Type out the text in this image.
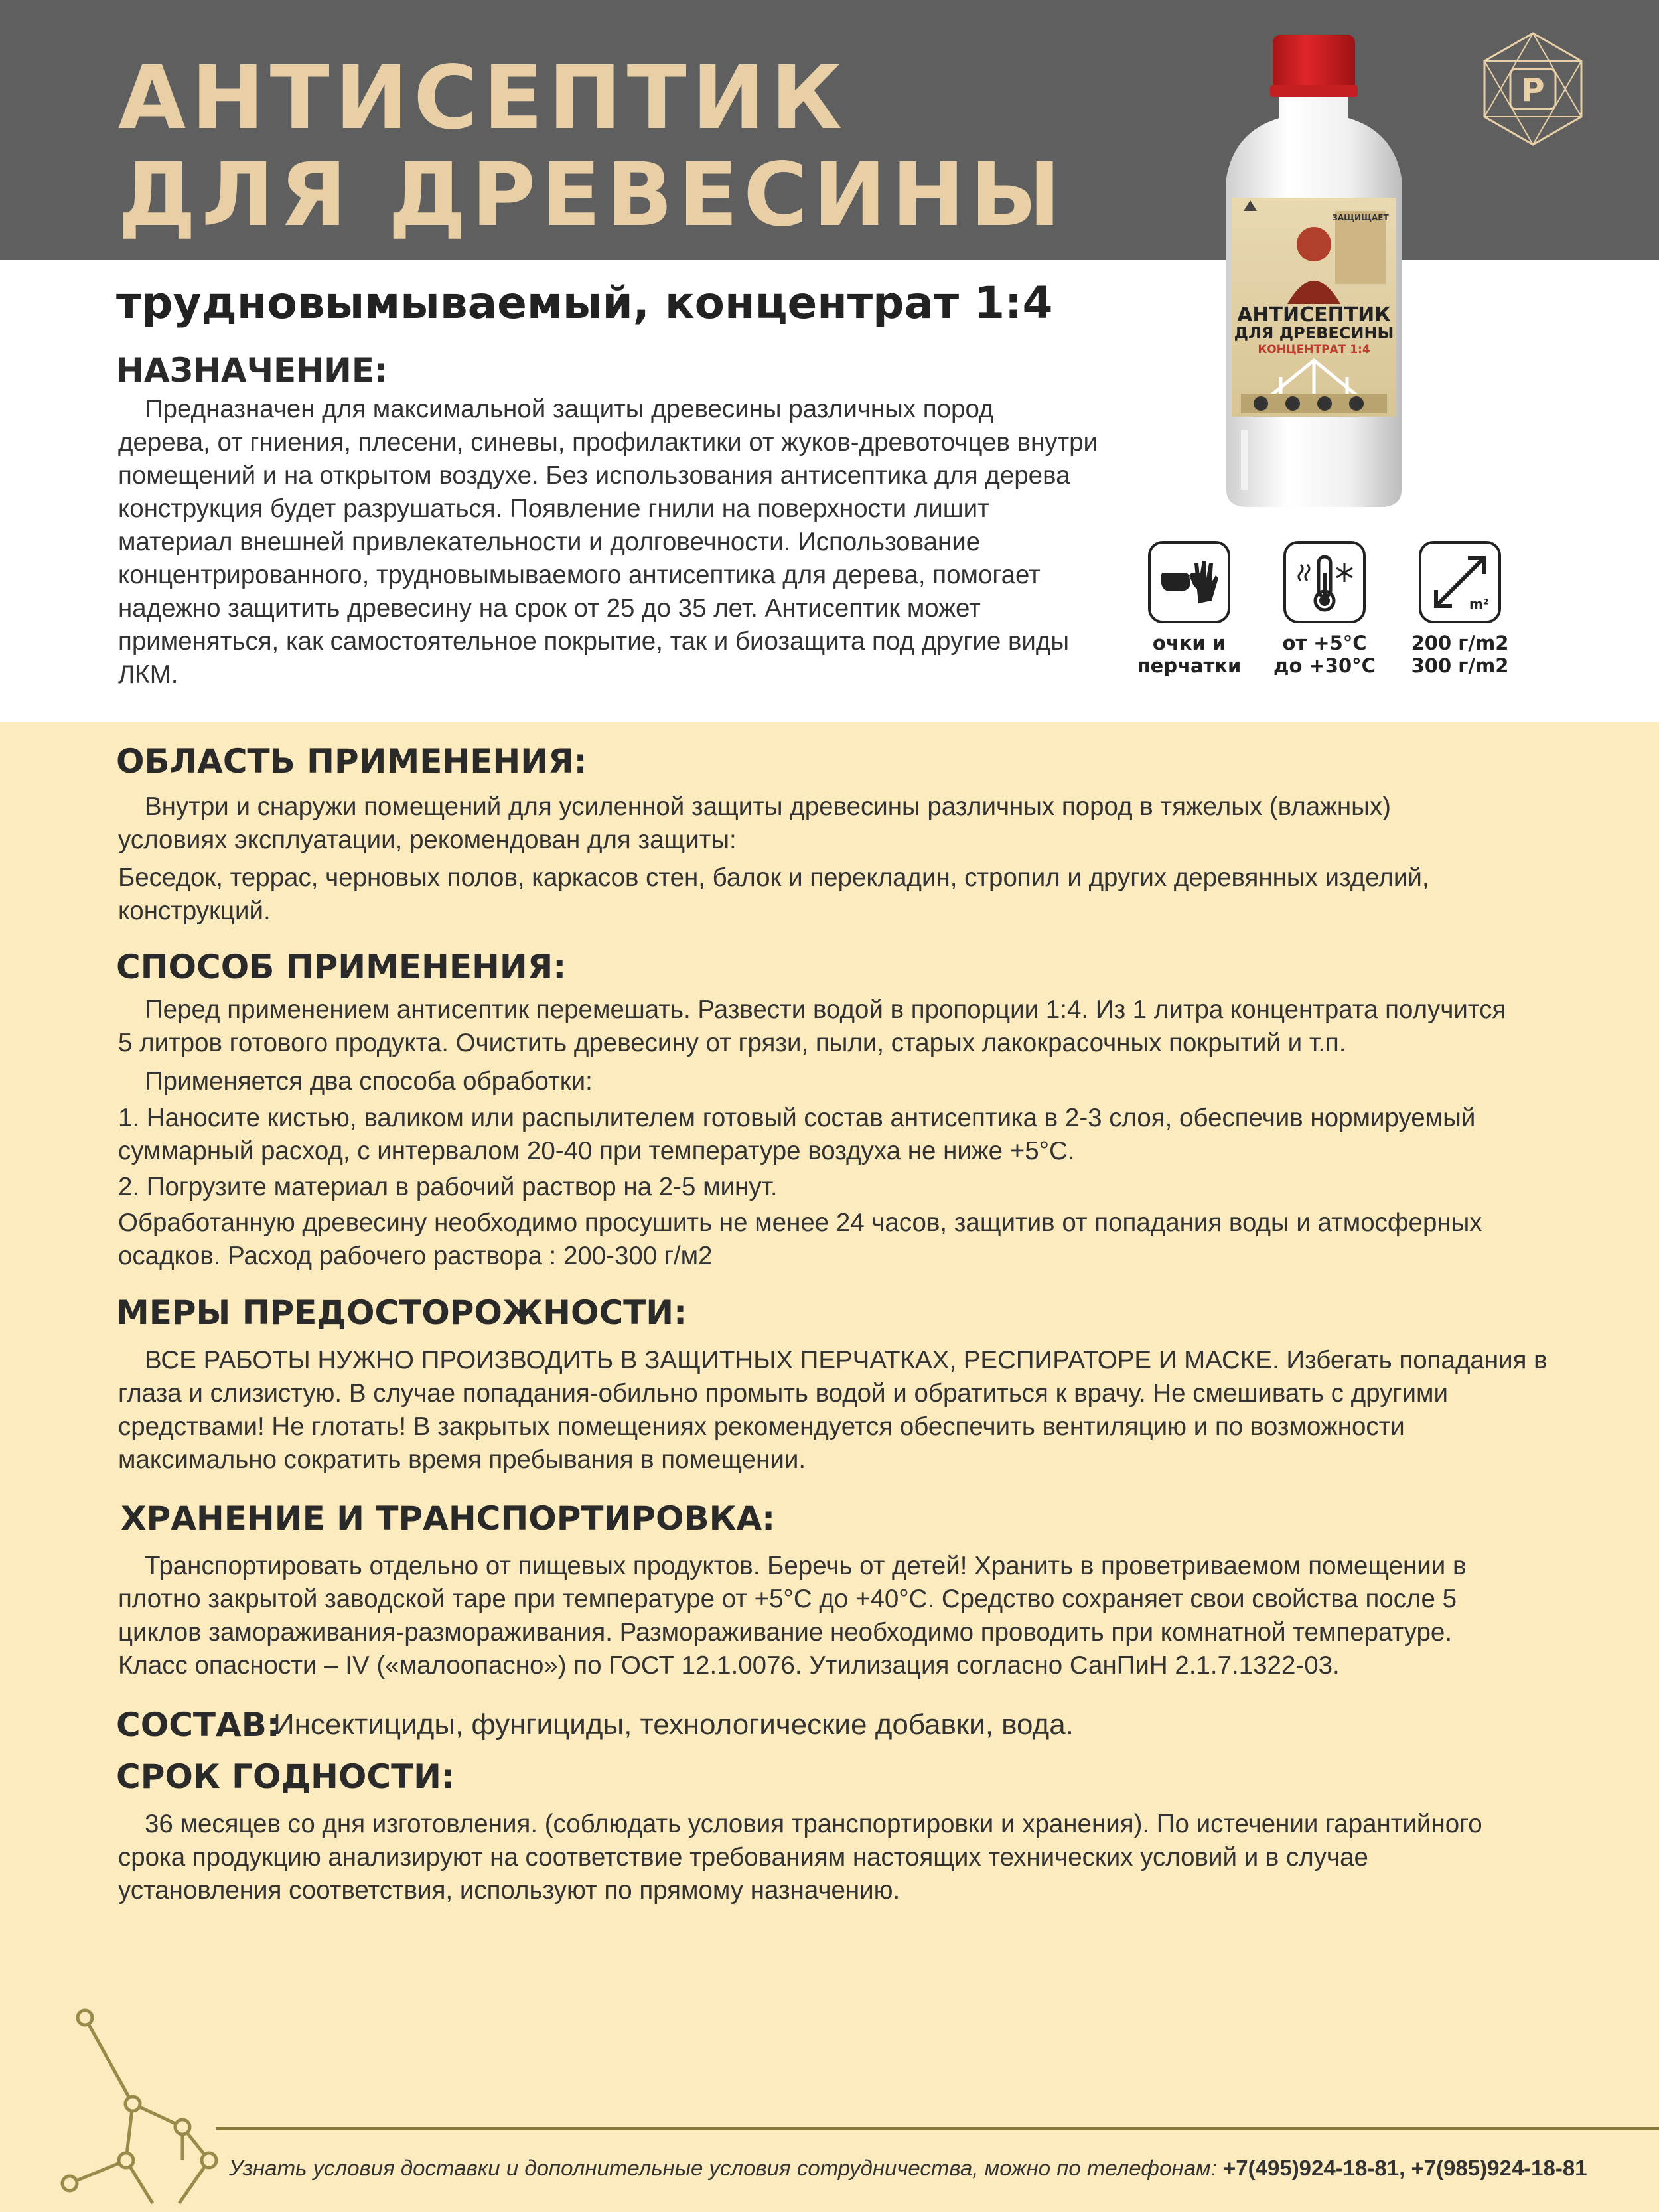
АНТИСЕПТИК
ДЛЯ ДРЕВЕСИНЫ
P
трудновымываемый, концентрат 1:4
НАЗНАЧЕНИЕ:

Предназначен для максимальной защиты древесины различных пород
дерева, от гниения, плесени, синевы, профилактики от жуков-древоточцев внутри
помещений и на открытом воздухе. Без использования антисептика для дерева
конструкция будет разрушаться. Появление гнили на поверхности лишит
материал внешней привлекательности и долговечности. Использование
концентрированного, трудновымываемого антисептика для дерева, помогает
надежно защитить древесину на срок от 25 до 35 лет. Антисептик может
применяться, как самостоятельное покрытие, так и биозащита под другие виды
ЛКМ.

ЗАЩИЩАЕТ
АНТИСЕПТИК
ДЛЯ ДРЕВЕСИНЫ
КОНЦЕНТРАТ 1:4
m²

очки и
перчатки

от +5°С
до +30°С

200 г/m2
300 г/m2

ОБЛАСТЬ ПРИМЕНЕНИЯ:

Внутри и снаружи помещений для усиленной защиты древесины различных пород в тяжелых (влажных)
условиях эксплуатации, рекомендован для защиты:

Беседок, террас, черновых полов, каркасов стен, балок и перекладин, стропил и других деревянных изделий,
конструкций.

СПОСОБ ПРИМЕНЕНИЯ:

Перед применением антисептик перемешать. Развести водой в пропорции 1:4. Из 1 литра концентрата получится
5 литров готового продукта. Очистить древесину от грязи, пыли, старых лакокрасочных покрытий и т.п.

Применяется два способа обработки:

1. Наносите кистью, валиком или распылителем готовый состав антисептика в 2-3 слоя, обеспечив нормируемый
суммарный расход, с интервалом 20-40 при температуре воздуха не ниже +5°С.

2. Погрузите материал в рабочий раствор на 2-5 минут.

Обработанную древесину необходимо просушить не менее 24 часов, защитив от попадания воды и атмосферных
осадков. Расход рабочего раствора : 200-300 г/м2

МЕРЫ ПРЕДОСТОРОЖНОСТИ:

ВСЕ РАБОТЫ НУЖНО ПРОИЗВОДИТЬ В ЗАЩИТНЫХ ПЕРЧАТКАХ, РЕСПИРАТОРЕ И МАСКЕ. Избегать попадания в
глаза и слизистую. В случае попадания-обильно промыть водой и обратиться к врачу. Не смешивать с другими
средствами! Не глотать! В закрытых помещениях рекомендуется обеспечить вентиляцию и по возможности
максимально сократить время пребывания в помещении.

ХРАНЕНИЕ И ТРАНСПОРТИРОВКА:

Транспортировать отдельно от пищевых продуктов. Беречь от детей! Хранить в проветриваемом помещении в
плотно закрытой заводской таре при температуре от +5°С до +40°С. Средство сохраняет свои свойства после 5
циклов замораживания-размораживания. Размораживание необходимо проводить при комнатной температуре.
Класс опасности – IV («малоопасно») по ГОСТ 12.1.0076. Утилизация согласно СанПиН 2.1.7.1322-03.

СОСТАВ:

Инсектициды, фунгициды, технологические добавки, вода.

СРОК ГОДНОСТИ:

36 месяцев со дня изготовления. (соблюдать условия транспортировки и хранения). По истечении гарантийного
срока продукцию анализируют на соответствие требованиям настоящих технических условий и в случае
установления соответствия, используют по прямому назначению.

Узнать условия доставки и дополнительные условия сотрудничества, можно по телефонам: +7(495)924-18-81, +7(985)924-18-81
